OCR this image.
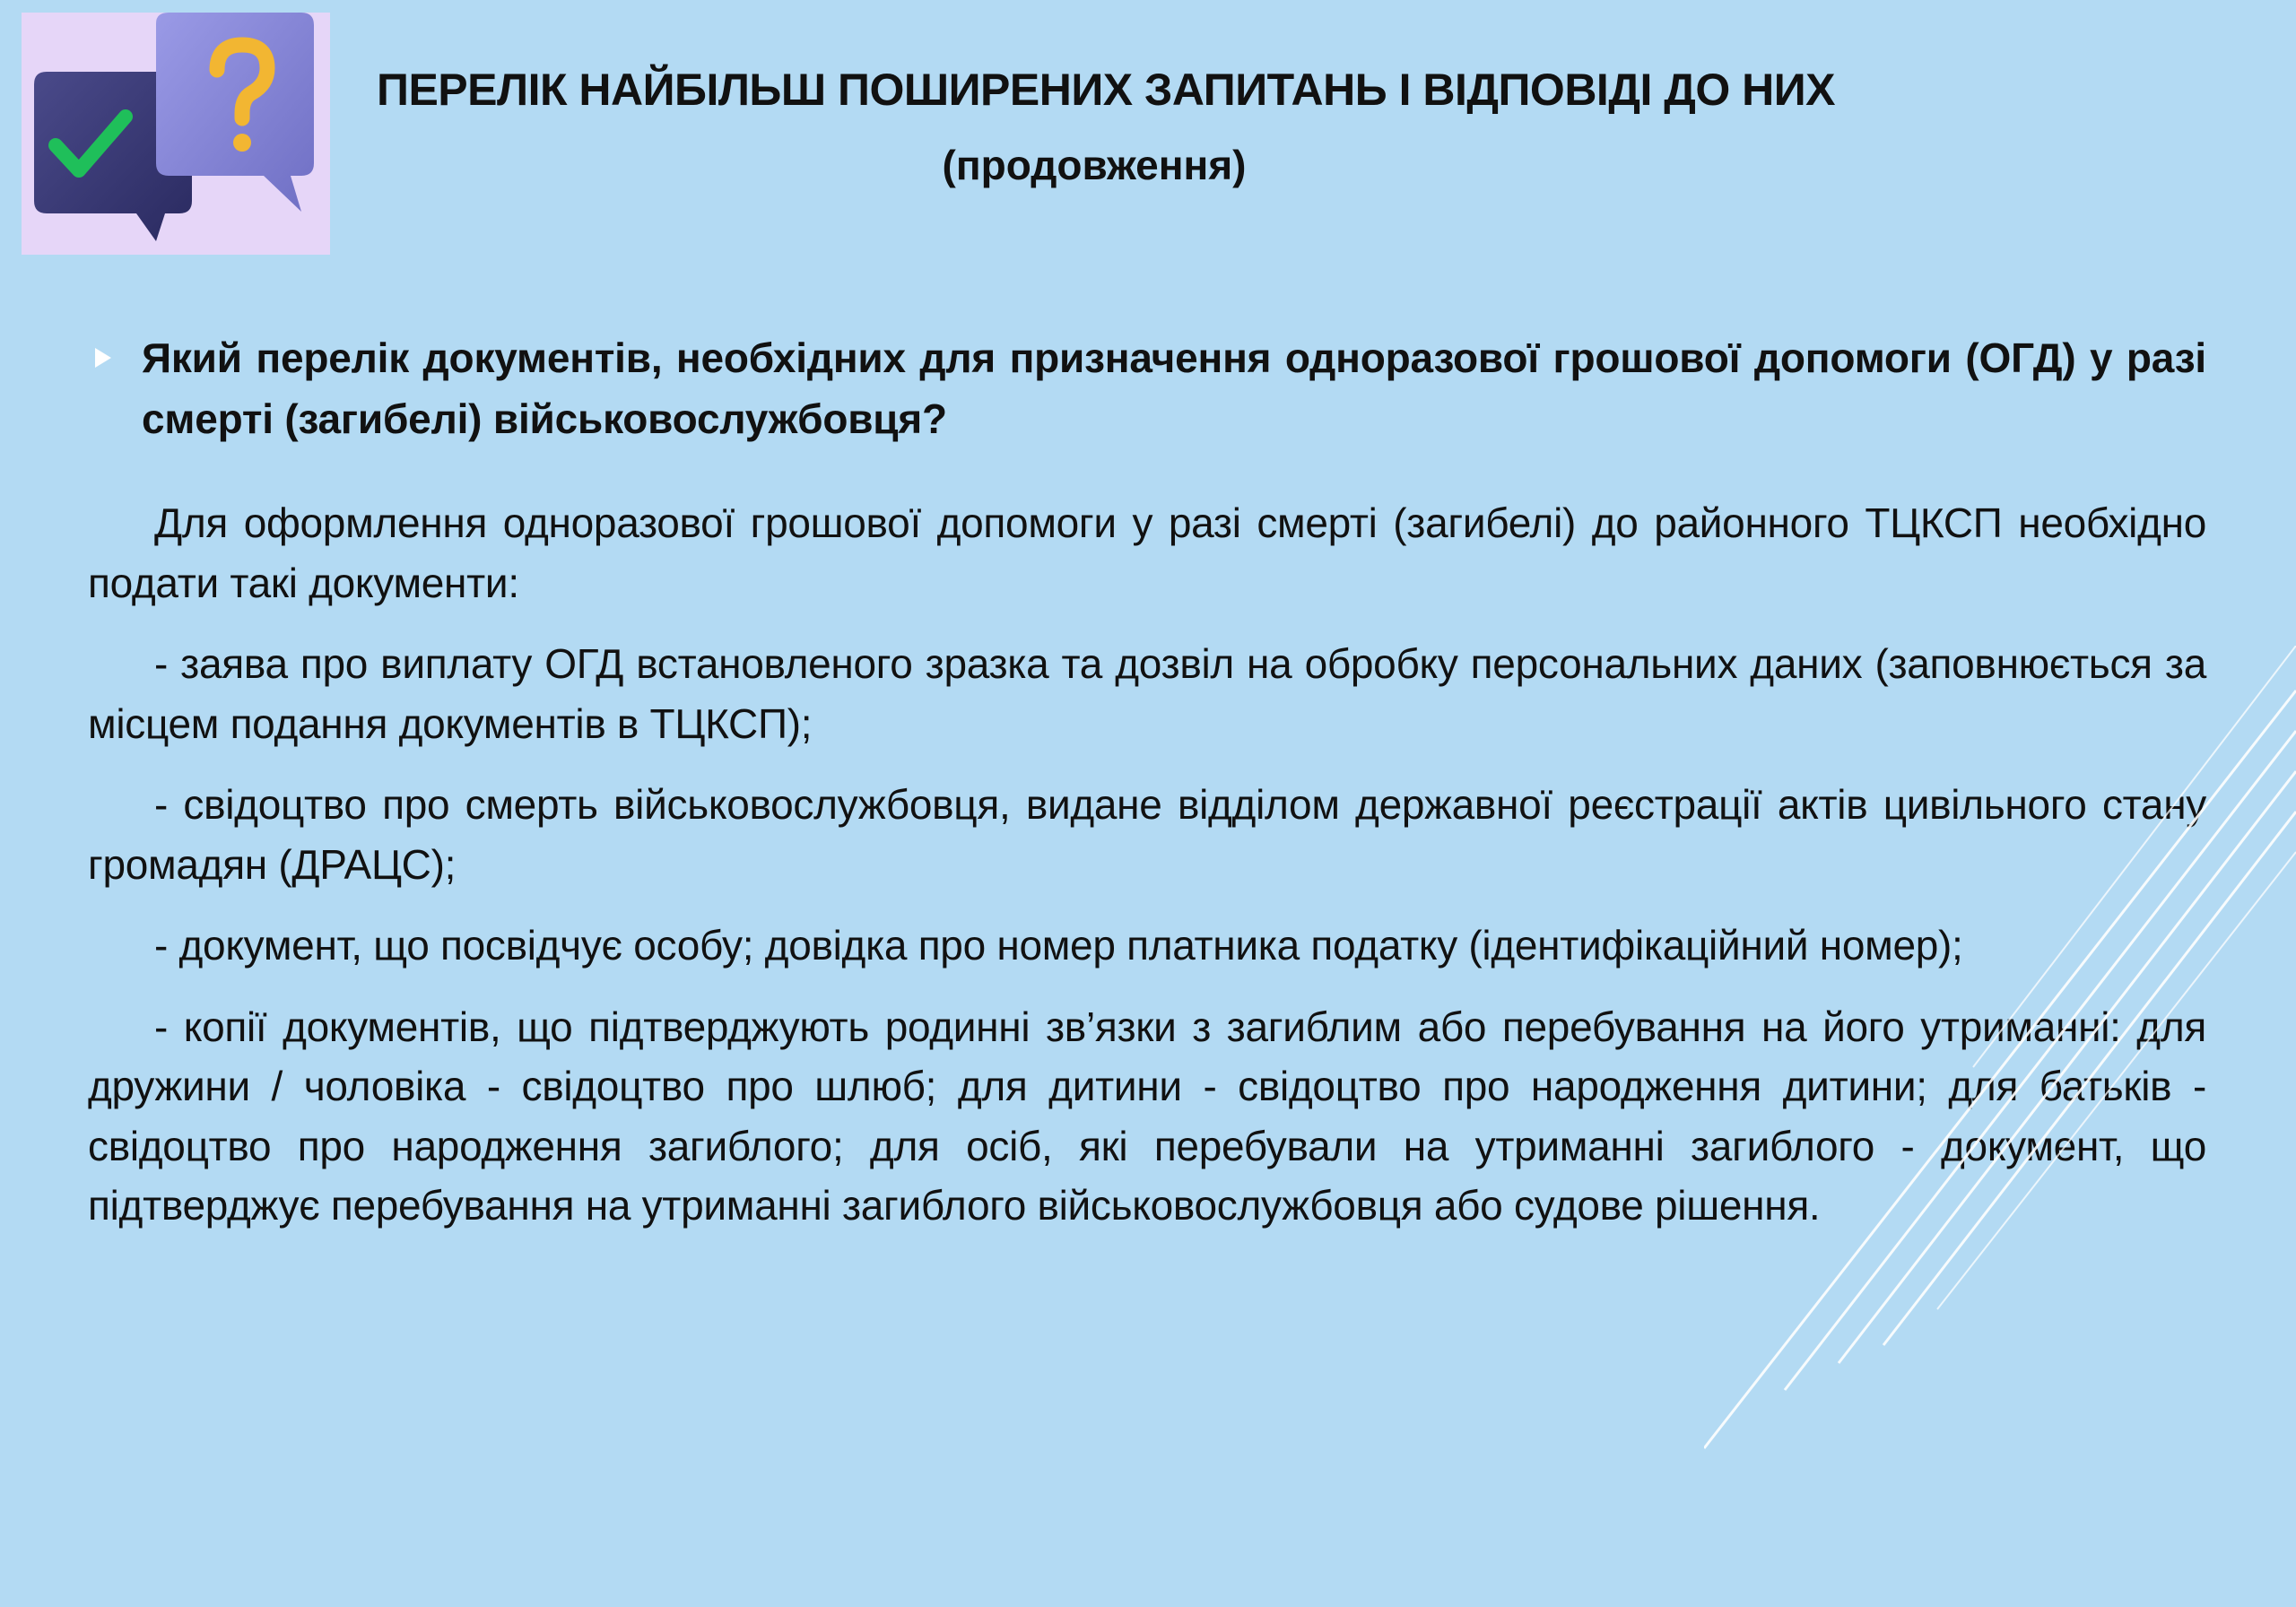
ПЕРЕЛІК НАЙБІЛЬШ ПОШИРЕНИХ ЗАПИТАНЬ І ВІДПОВІДІ ДО НИХ
(продовження)
Який перелік документів, необхідних для призначення одноразової грошової допомоги (ОГД) у разі смерті (загибелі) військовослужбовця?

Для оформлення одноразової грошової допомоги у разі смерті (загибелі) до районного ТЦКСП необхідно подати такі документи:

- заява про виплату ОГД встановленого зразка та дозвіл на обробку персональних даних (заповнюється за місцем подання документів в ТЦКСП);

- свідоцтво про смерть військовослужбовця, видане відділом державної реєстрації актів цивільного стану громадян (ДРАЦС);

- документ, що посвідчує особу; довідка про номер платника податку (ідентифікаційний номер);

- копії документів, що підтверджують родинні зв’язки з загиблим або перебування на його утриманні: для дружини / чоловіка - свідоцтво про шлюб; для дитини - свідоцтво про народження дитини; для батьків - свідоцтво про народження загиблого; для осіб, які перебували на утриманні загиблого - документ, що підтверджує перебування на утриманні загиблого військовослужбовця або судове рішення.
